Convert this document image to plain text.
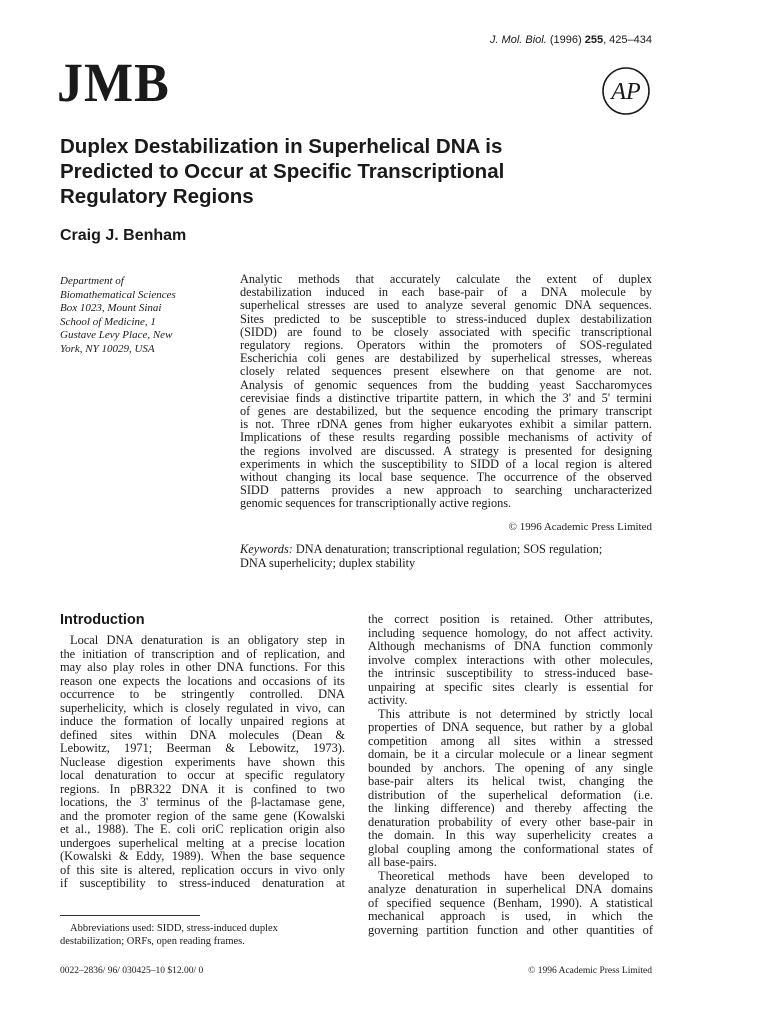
J. Mol. Biol. (1996) 255, 425–434
JMB	AP
Duplex Destabilization in Superhelical DNA is
Predicted to Occur at Specific Transcriptional
Regulatory Regions
Craig J. Benham
Department of
Biomathematical Sciences
Box 1023, Mount Sinai
School of Medicine, 1
Gustave Levy Place, New
York, NY 10029, USA
Analytic methods that accurately calculate the extent of duplex
destabilization induced in each base-pair of a DNA molecule by
superhelical stresses are used to analyze several genomic DNA sequences.
Sites predicted to be susceptible to stress-induced duplex destabilization
(SIDD) are found to be closely associated with specific transcriptional
regulatory regions. Operators within the promoters of SOS-regulated
Escherichia coli genes are destabilized by superhelical stresses, whereas
closely related sequences present elsewhere on that genome are not.
Analysis of genomic sequences from the budding yeast Saccharomyces
cerevisiae finds a distinctive tripartite pattern, in which the 3' and 5' termini
of genes are destabilized, but the sequence encoding the primary transcript
is not. Three rDNA genes from higher eukaryotes exhibit a similar pattern.
Implications of these results regarding possible mechanisms of activity of
the regions involved are discussed. A strategy is presented for designing
experiments in which the susceptibility to SIDD of a local region is altered
without changing its local base sequence. The occurrence of the observed
SIDD patterns provides a new approach to searching uncharacterized
genomic sequences for transcriptionally active regions.
© 1996 Academic Press Limited
Keywords: DNA denaturation; transcriptional regulation; SOS regulation;
DNA superhelicity; duplex stability
Introduction
Local DNA denaturation is an obligatory step in
the initiation of transcription and of replication, and
may also play roles in other DNA functions. For this
reason one expects the locations and occasions of its
occurrence to be stringently controlled. DNA
superhelicity, which is closely regulated in vivo, can
induce the formation of locally unpaired regions at
defined sites within DNA molecules (Dean &
Lebowitz, 1971; Beerman & Lebowitz, 1973).
Nuclease digestion experiments have shown this
local denaturation to occur at specific regulatory
regions. In pBR322 DNA it is confined to two
locations, the 3' terminus of the β-lactamase gene,
and the promoter region of the same gene (Kowalski
et al., 1988). The E. coli oriC replication origin also
undergoes superhelical melting at a precise location
(Kowalski & Eddy, 1989). When the base sequence
of this site is altered, replication occurs in vivo only
if susceptibility to stress-induced denaturation at
the correct position is retained. Other attributes,
including sequence homology, do not affect activity.
Although mechanisms of DNA function commonly
involve complex interactions with other molecules,
the intrinsic susceptibility to stress-induced base-
unpairing at specific sites clearly is essential for
activity.
This attribute is not determined by strictly local
properties of DNA sequence, but rather by a global
competition among all sites within a stressed
domain, be it a circular molecule or a linear segment
bounded by anchors. The opening of any single
base-pair alters its helical twist, changing the
distribution of the superhelical deformation (i.e.
the linking difference) and thereby affecting the
denaturation probability of every other base-pair in
the domain. In this way superhelicity creates a
global coupling among the conformational states of
all base-pairs.
Theoretical methods have been developed to
analyze denaturation in superhelical DNA domains
of specified sequence (Benham, 1990). A statistical
mechanical approach is used, in which the
governing partition function and other quantities of
Abbreviations used: SIDD, stress-induced duplex
destabilization; ORFs, open reading frames.
0022–2836/ 96/ 030425–10 $12.00/ 0	© 1996 Academic Press Limited
